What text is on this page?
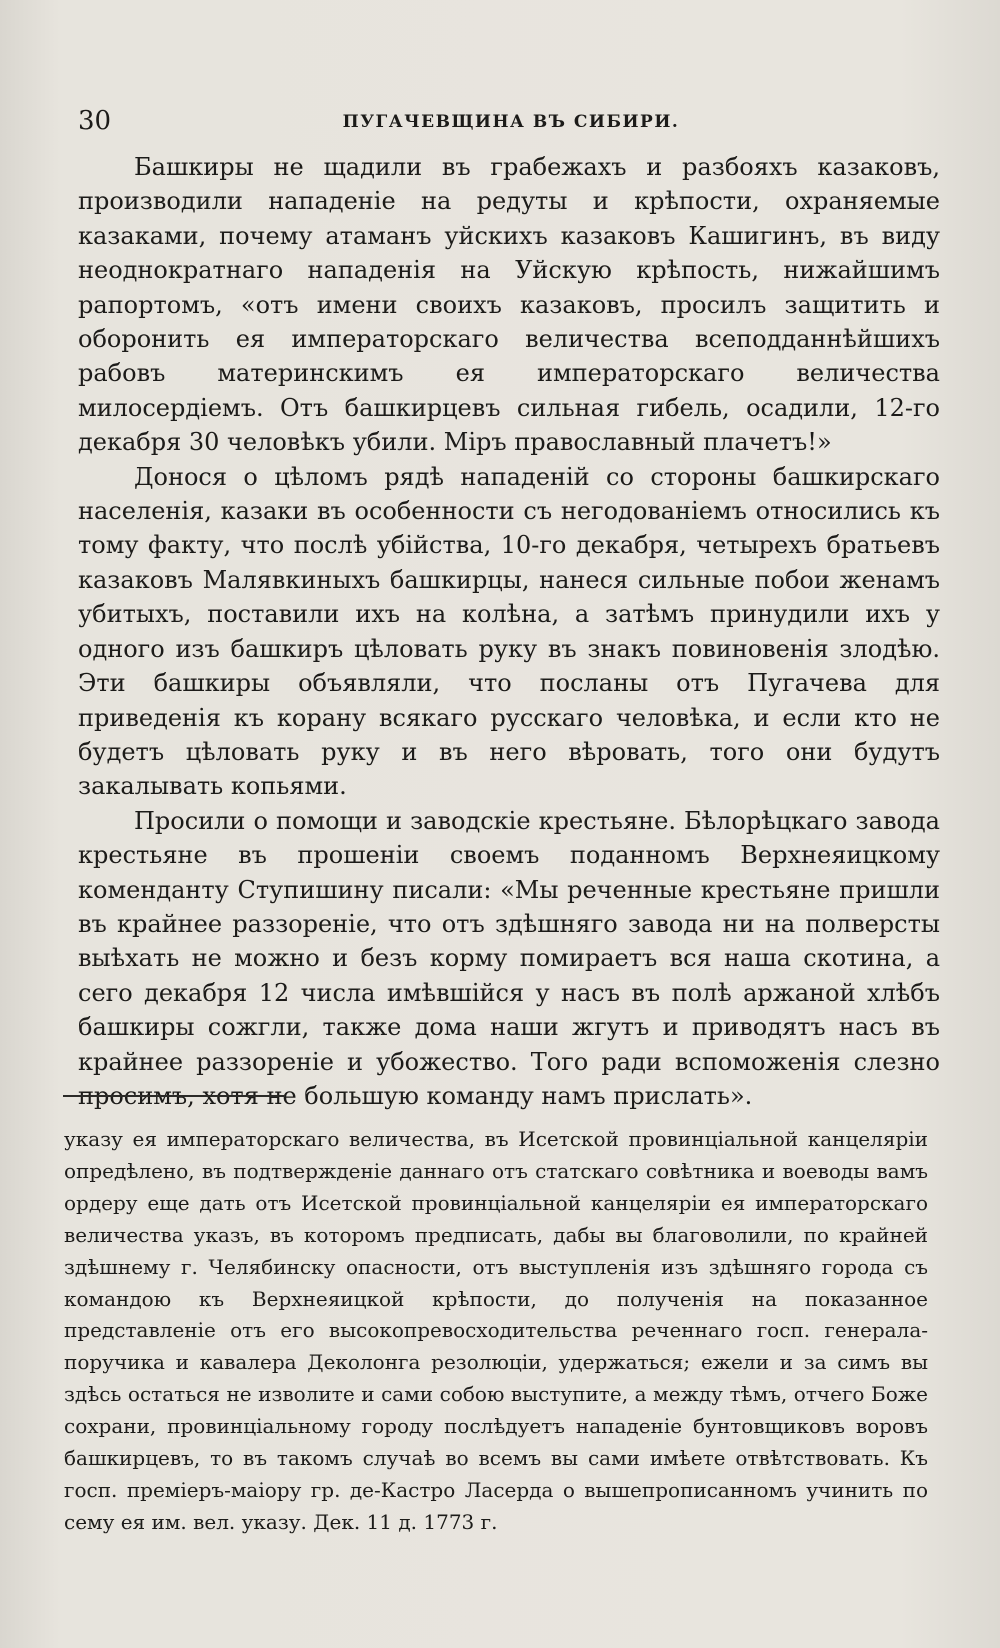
30	ПУГАЧЕВЩИНА ВЪ СИБИРИ.

Башкиры не щадили въ грабежахъ и разбояхъ казаковъ, производили нападенie на редуты и крѣпости, охраняемые казаками, почему атаманъ уйскихъ казаковъ Кашигинъ, въ виду неоднократнаго нападенія на Уйскую крѣпость, нижайшимъ рапортомъ, «отъ имени своихъ казаковъ, просилъ защитить и оборонить ея императорскаго величества всеподданнѣйшихъ рабовъ материнскимъ ея императорскаго величества милосердіемъ. Отъ башкирцевъ сильная гибель, осадили, 12-го декабря 30 человѣкъ убили. Міръ православный плачетъ!»

Донося о цѣломъ рядѣ нападеній со стороны башкирскаго населенія, казаки въ особенности съ негодованiемъ относились къ тому факту, что послѣ убійства, 10-го декабря, четырехъ братьевъ казаковъ Малявкиныхъ башкирцы, нанеся сильные побои женамъ убитыхъ, поставили ихъ на колѣна, а затѣмъ принудили ихъ у одного изъ башкиръ цѣловать руку въ знакъ повиновенія злодѣю. Эти башкиры объявляли, что посланы отъ Пугачева для приведенія къ корану всякаго русскаго человѣка, и если кто не будетъ цѣловать руку и въ него вѣровать, того они будутъ закалывать копьями.

Просили о помощи и заводскіе крестьяне. Бѣлорѣцкаго завода крестьяне въ прошеніи своемъ поданномъ Верхнеяицкому коменданту Ступишину писали: «Мы реченные крестьяне пришли въ крайнее раззореніе, что отъ здѣшняго завода ни на полверсты выѣхать не можно и безъ корму помираетъ вся наша скотина, а сего декабря 12 числа имѣвшійся у насъ въ полѣ аржаной хлѣбъ башкиры сожгли, также дома наши жгутъ и приводятъ насъ въ крайнее раззореніе и убожество. Того ради вспоможенія слезно просимъ, хотя не большую команду намъ прислать».

указу ея императорскаго величества, въ Исетской провинціальной канцеляріи опредѣлено, въ подтвержденіе даннаго отъ статскаго совѣтника и воеводы вамъ ордеру еще дать отъ Исетской провинціальной канцеляріи ея императорскаго величества указъ, въ которомъ предписать, дабы вы благоволили, по крайней здѣшнему г. Челябинску опасности, отъ выступленія изъ здѣшняго города съ командою къ Верхнеяицкой крѣпости, до полученія на показанное представленіе отъ его высокопревосходительства реченнаго госп. генерала-поручика и кавалера Деколонга резолюціи, удержаться; ежели и за симъ вы здѣсь остаться не изволите и сами собою выступите, а между тѣмъ, отчего Боже сохрани, провинціальному городу послѣдуетъ нападеніе бунтовщиковъ воровъ башкирцевъ, то въ такомъ случаѣ во всемъ вы сами имѣете отвѣтствовать. Къ госп. преміеръ-маіору гр. де-Кастро Ласерда о вышепрописанномъ учинить по сему ея им. вел. указу. Дек. 11 д. 1773 г.
